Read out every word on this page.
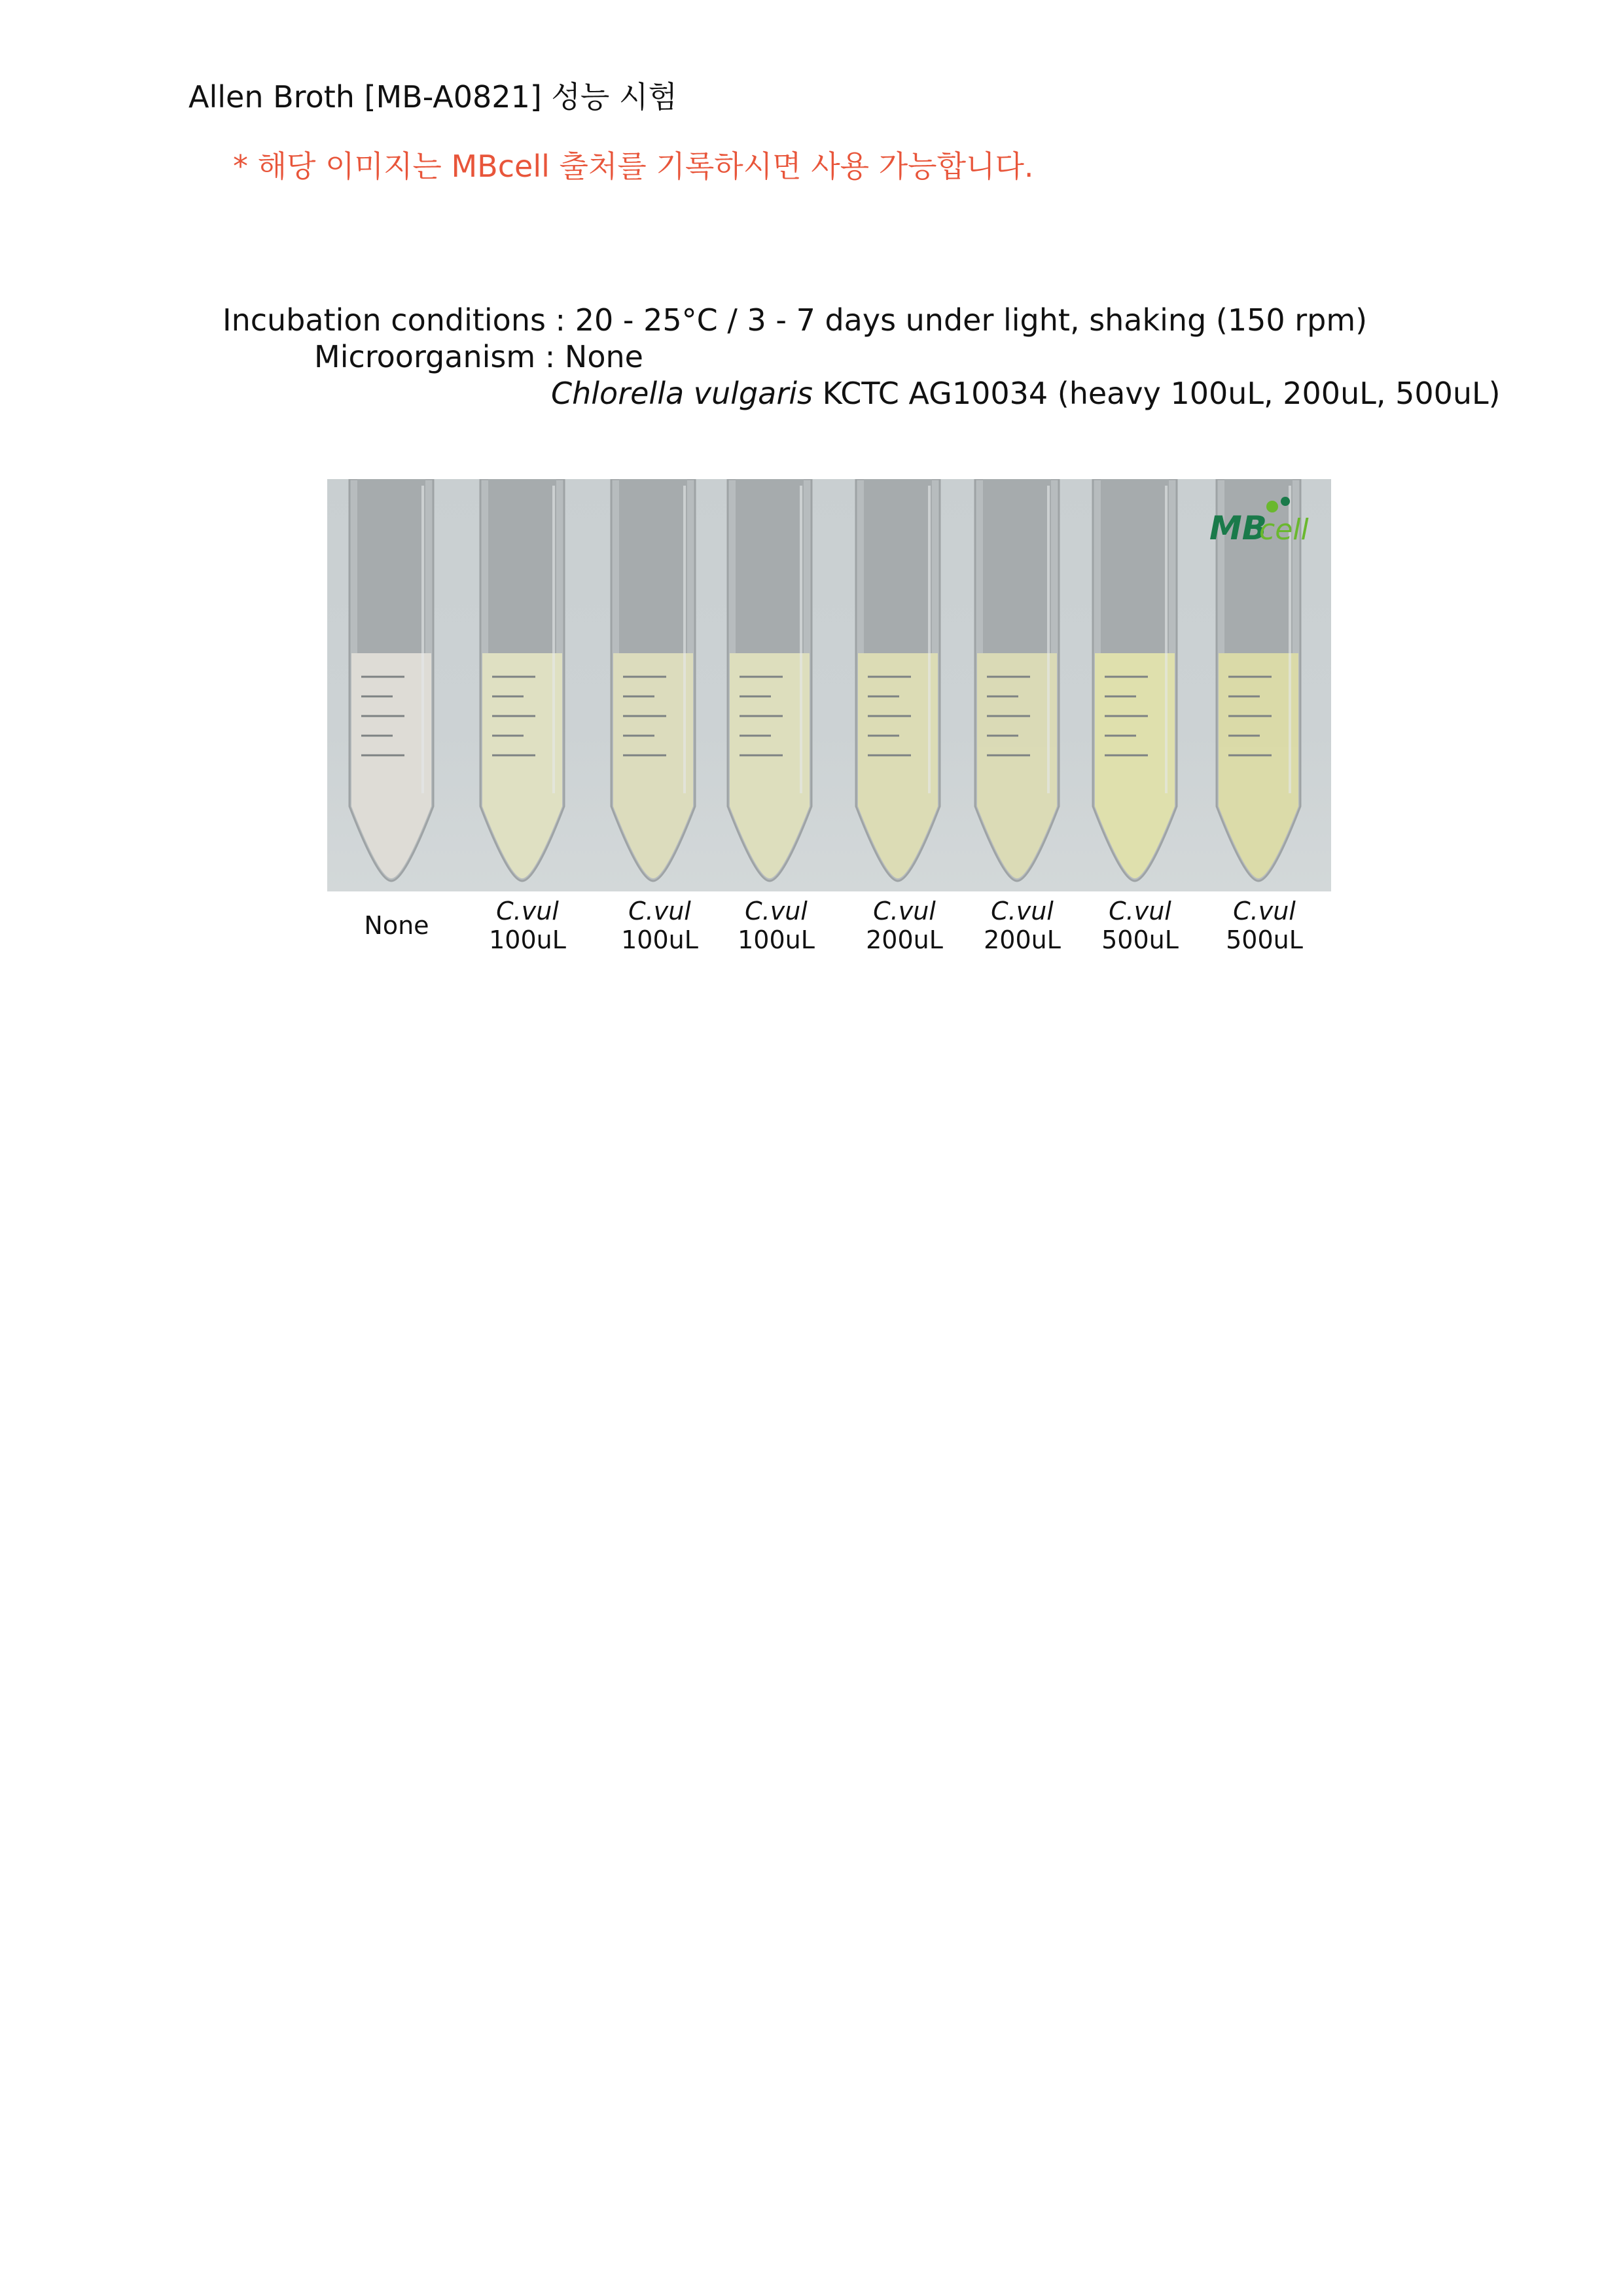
Allen Broth [MB-A0821] 성능 시험
* 해당 이미지는 MBcell 출처를 기록하시면 사용 가능합니다.
Incubation conditions : 20 - 25°C / 3 - 7 days under light, shaking (150 rpm)
Microorganism : None
Chlorella vulgaris KCTC AG10034 (heavy 100uL, 200uL, 500uL)
MB
cell
None	C.vul
100uL
C.vul
100uL
C.vul
100uL
C.vul
200uL
C.vul
200uL
C.vul
500uL
C.vul
500uL
